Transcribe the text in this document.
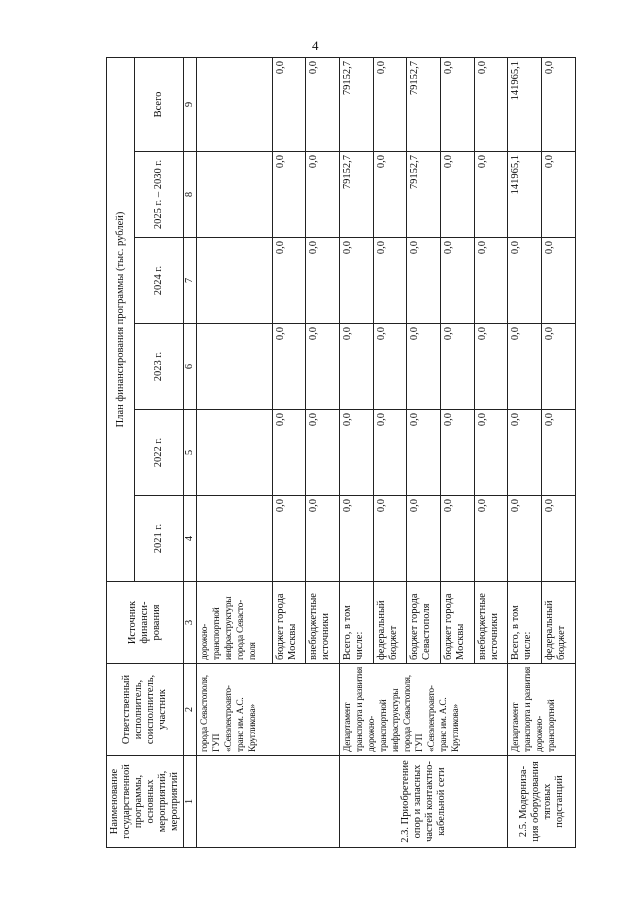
4
Наименование государственной программы, основных мероприятий, мероприятий	Ответственный исполнитель, соисполнитель, участник	Источник финанси-рования	План финансирования программы (тыс. рублей)					
			2021 г.	2022 г.	2023 г.	2024 г.	2025 г. – 2030 г.	Всего
1	2	3	4	5	6	7	8	9
	города Севастополя, ГУП «Севэлектроавто-транс им. А.С. Кругликова»	дорожно-транспортной инфраструктуры города Севасто-поля						
		бюджет города Москвы	0,0	0,0	0,0	0,0	0,0	0,0
		внебюджетные источники	0,0	0,0	0,0	0,0	0,0	0,0
2.3. Приобретение опор и запасных частей контактно-кабельной сети	Департамент транспорта и развития дорожно-транспортной инфраструктуры города Севастополя, ГУП «Севэлектроавто-транс им. А.С. Кругликова»	Всего, в том числе:	0,0	0,0	0,0	0,0	79152,7	79152,7
		федеральный бюджет	0,0	0,0	0,0	0,0	0,0	0,0
		бюджет города Севастополя	0,0	0,0	0,0	0,0	79152,7	79152,7
		бюджет города Москвы	0,0	0,0	0,0	0,0	0,0	0,0
		внебюджетные источники	0,0	0,0	0,0	0,0	0,0	0,0
2.5. Модерниза-ция оборудования тяговых подстанций	Департамент транспорта и развития дорожно-транспортной	Всего, в том числе:	0,0	0,0	0,0	0,0	141965,1	141965,1
		федеральный бюджет	0,0	0,0	0,0	0,0	0,0	0,0
